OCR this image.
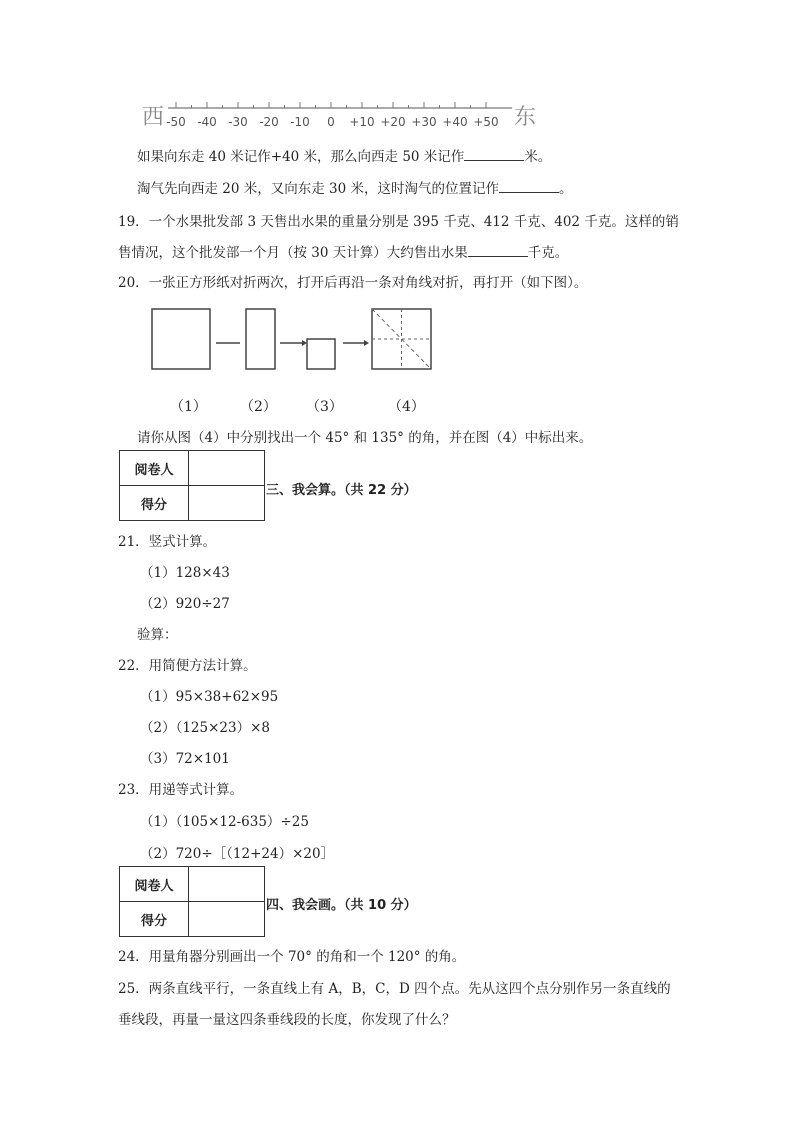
西 -50 -40 -30 -20 -10 0 +10 +20 +30 +40 +50 东
如果向东走 40 米记作+40 米，那么向西走 50 米记作	米。
淘气先向西走 20 米，又向东走 30 米，这时淘气的位置记作	。
19．一个水果批发部 3 天售出水果的重量分别是 395 千克、412 千克、402 千克。这样的销
售情况，这个批发部一个月（按 30 天计算）大约售出水果	千克。
20．一张正方形纸对折两次，打开后再沿一条对角线对折，再打开（如下图）。
（1） （2） （3）	（4）
请你从图（4）中分别找出一个 45° 和 135° 的角，并在图（4）中标出来。
阅卷人	
得分	
三、我会算。（共 22 分）
21．竖式计算。
（1）128×43
（2）920÷27
验算：
22．用简便方法计算。
（1）95×38+62×95
（2）（125×23）×8
（3）72×101
23．用递等式计算。
（1）（105×12-635）÷25
（2）720÷［（12+24）×20］
阅卷人	
得分	
四、我会画。（共 10 分）
24．用量角器分别画出一个 70° 的角和一个 120° 的角。
25．两条直线平行，一条直线上有 A，B，C，D 四个点。先从这四个点分别作另一条直线的
垂线段，再量一量这四条垂线段的长度，你发现了什么？
